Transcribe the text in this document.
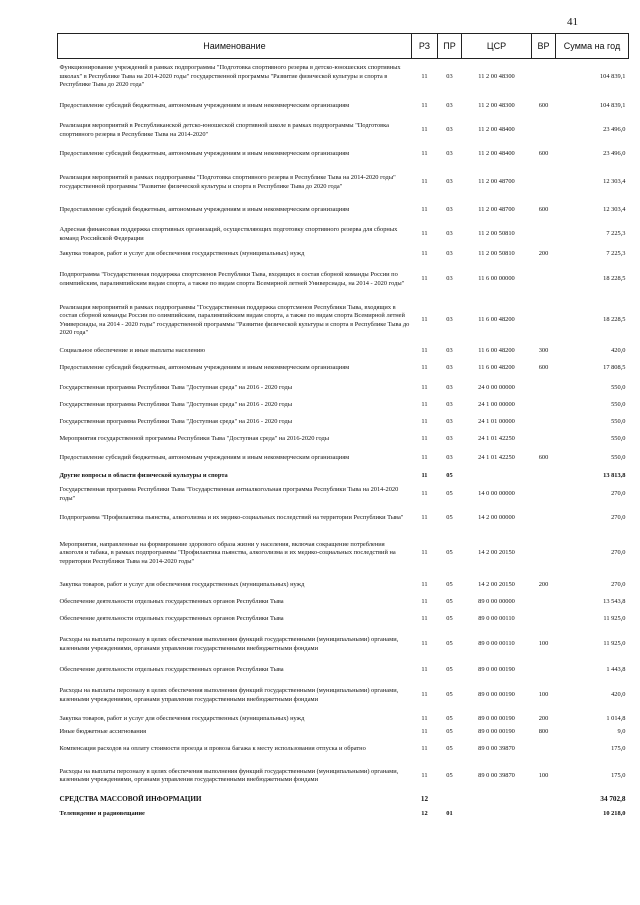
41
Наименование	РЗ	ПР	ЦСР	ВР	Сумма на год
Функционирование учреждений в рамках подпрограммы "Подготовка спортивного резерва в детско-юношеских спортивных школах" в Республике Тыва на 2014-2020 годы" государственной программы "Развитие физической культуры и спорта в Республике Тыва до 2020 года"	11	03	11 2 00 48300		104 839,1
Предоставление субсидий бюджетным, автономным учреждениям и иным некоммерческим организациям	11	03	11 2 00 48300	600	104 839,1
Реализация мероприятий в Республиканской детско-юношеской спортивной школе в рамках подпрограммы "Подготовка спортивного резерва в Республике Тыва на 2014-2020"	11	03	11 2 00 48400		23 496,0
Предоставление субсидий бюджетным, автономным учреждениям и иным некоммерческим организациям	11	03	11 2 00 48400	600	23 496,0
Реализация мероприятий в рамках подпрограммы "Подготовка спортивного резерва в Республике Тыва на 2014-2020 годы" государственной программы "Развитие физической культуры и спорта в Республике Тыва до 2020 года"	11	03	11 2 00 48700		12 303,4
Предоставление субсидий бюджетным, автономным учреждениям и иным некоммерческим организациям	11	03	11 2 00 48700	600	12 303,4
Адресная финансовая поддержка спортивных организаций, осуществляющих подготовку спортивного резерва для сборных команд Российской Федерации	11	03	11 2 00 50810		7 225,3
Закупка товаров, работ и услуг для обеспечения государственных (муниципальных) нужд	11	03	11 2 00 50810	200	7 225,3
Подпрограмма "Государственная поддержка спортсменов Республики Тыва, входящих в состав сборной команды России по олимпийским, паралимпийским видам спорта, а также по видам спорта Всемирной летней Универсиады, на 2014 - 2020 годы"	11	03	11 6 00 00000		18 228,5
Реализация мероприятий в рамках подпрограммы "Государственная поддержка спортсменов Республики Тыва, входящих в состав сборной команды России по олимпийским, паралимпийским видам спорта, а также по видам спорта Всемирной летней Универсиады, на 2014 - 2020 годы" государственной программы "Развитие физической культуры и спорта в Республике Тыва до 2020 года"	11	03	11 6 00 48200		18 228,5
Социальное обеспечение и иные выплаты населению	11	03	11 6 00 48200	300	420,0
Предоставление субсидий бюджетным, автономным учреждениям и иным некоммерческим организациям	11	03	11 6 00 48200	600	17 808,5
Государственная программа Республики Тыва "Доступная среда" на 2016 - 2020 годы	11	03	24 0 00 00000		550,0
Государственная программа Республики Тыва "Доступная среда" на 2016 - 2020 годы	11	03	24 1 00 00000		550,0
Государственная программа Республики Тыва "Доступная среда" на 2016 - 2020 годы	11	03	24 1 01 00000		550,0
Мероприятия государственной программы Республики Тыва "Доступная среда" на 2016-2020 годы	11	03	24 1 01 42250		550,0
Предоставление субсидий бюджетным, автономным учреждениям и иным некоммерческим организациям	11	03	24 1 01 42250	600	550,0
Другие вопросы в области физической культуры и спорта	11	05			13 813,8
Государственная программа Республики Тыва "Государственная антиалкогольная программа Республики Тыва на 2014-2020 годы"	11	05	14 0 00 00000		270,0
Подпрограмма "Профилактика пьянства, алкоголизма и их медико-социальных последствий на территории Республики Тыва"	11	05	14 2 00 00000		270,0
Мероприятия, направленные на формирование здорового образа жизни у населения, включая сокращение потребления алкоголя и табака, в рамках подпрограммы "Профилактика пьянства, алкоголизма и их медико-социальных последствий на территории Республики Тыва на 2014-2020 годы"	11	05	14 2 00 20150		270,0
Закупка товаров, работ и услуг для обеспечения государственных (муниципальных) нужд	11	05	14 2 00 20150	200	270,0
Обеспечение деятельности отдельных государственных органов Республики Тыва	11	05	89 0 00 00000		13 543,8
Обеспечение деятельности отдельных государственных органов Республики Тыва	11	05	89 0 00 00110		11 925,0
Расходы на выплаты персоналу в целях обеспечения выполнения функций государственными (муниципальными) органами, казенными учреждениями, органами управления государственными внебюджетными фондами	11	05	89 0 00 00110	100	11 925,0
Обеспечение деятельности отдельных государственных органов Республики Тыва	11	05	89 0 00 00190		1 443,8
Расходы на выплаты персоналу в целях обеспечения выполнения функций государственными (муниципальными) органами, казенными учреждениями, органами управления государственными внебюджетными фондами	11	05	89 0 00 00190	100	420,0
Закупка товаров, работ и услуг для обеспечения государственных (муниципальных) нужд	11	05	89 0 00 00190	200	1 014,8
Иные бюджетные ассигнования	11	05	89 0 00 00190	800	9,0
Компенсация расходов на оплату стоимости проезда и провоза багажа к месту использования отпуска и обратно	11	05	89 0 00 39870		175,0
Расходы на выплаты персоналу в целях обеспечения выполнения функций государственными (муниципальными) органами, казенными учреждениями, органами управления государственными внебюджетными фондами	11	05	89 0 00 39870	100	175,0
СРЕДСТВА МАССОВОЙ ИНФОРМАЦИИ	12				34 702,8
Телевидение и радиовещание	12	01			10 218,0
